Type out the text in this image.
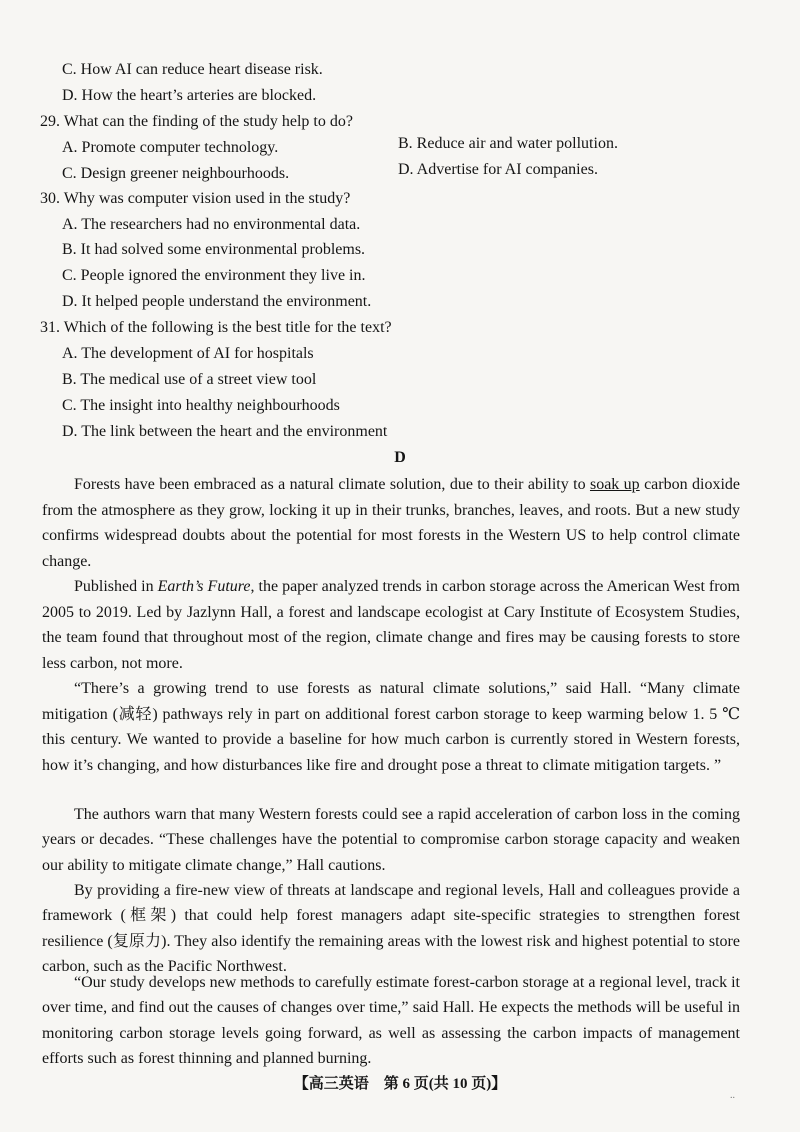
C. How AI can reduce heart disease risk.
D. How the heart’s arteries are blocked.
29. What can the finding of the study help to do?
A. Promote computer technology.	B. Reduce air and water pollution.
C. Design greener neighbourhoods.	D. Advertise for AI companies.
30. Why was computer vision used in the study?
A. The researchers had no environmental data.
B. It had solved some environmental problems.
C. People ignored the environment they live in.
D. It helped people understand the environment.
31. Which of the following is the best title for the text?
A. The development of AI for hospitals
B. The medical use of a street view tool
C. The insight into healthy neighbourhoods
D. The link between the heart and the environment
D
Forests have been embraced as a natural climate solution, due to their ability to soak up carbon dioxide from the atmosphere as they grow, locking it up in their trunks, branches, leaves, and roots. But a new study confirms widespread doubts about the potential for most forests in the Western US to help control climate change.
Published in Earth’s Future, the paper analyzed trends in carbon storage across the American West from 2005 to 2019. Led by Jazlynn Hall, a forest and landscape ecologist at Cary Institute of Ecosystem Studies, the team found that throughout most of the region, climate change and fires may be causing forests to store less carbon, not more.
“There’s a growing trend to use forests as natural climate solutions,” said Hall. “Many climate mitigation (减轻) pathways rely in part on additional forest carbon storage to keep warming below 1. 5 ℃ this century. We wanted to provide a baseline for how much carbon is currently stored in Western forests, how it’s changing, and how disturbances like fire and drought pose a threat to climate mitigation targets. ”
The authors warn that many Western forests could see a rapid acceleration of carbon loss in the coming years or decades. “These challenges have the potential to compromise carbon storage capacity and weaken our ability to mitigate climate change,” Hall cautions.
By providing a fire-new view of threats at landscape and regional levels, Hall and colleagues provide a framework (框架) that could help forest managers adapt site-specific strategies to strengthen forest resilience (复原力). They also identify the remaining areas with the lowest risk and highest potential to store carbon, such as the Pacific Northwest.
“Our study develops new methods to carefully estimate forest-carbon storage at a regional level, track it over time, and find out the causes of changes over time,” said Hall. He expects the methods will be useful in monitoring carbon storage levels going forward, as well as assessing the carbon impacts of management efforts such as forest thinning and planned burning.
【高三英语　第 6 页(共 10 页)】
..
